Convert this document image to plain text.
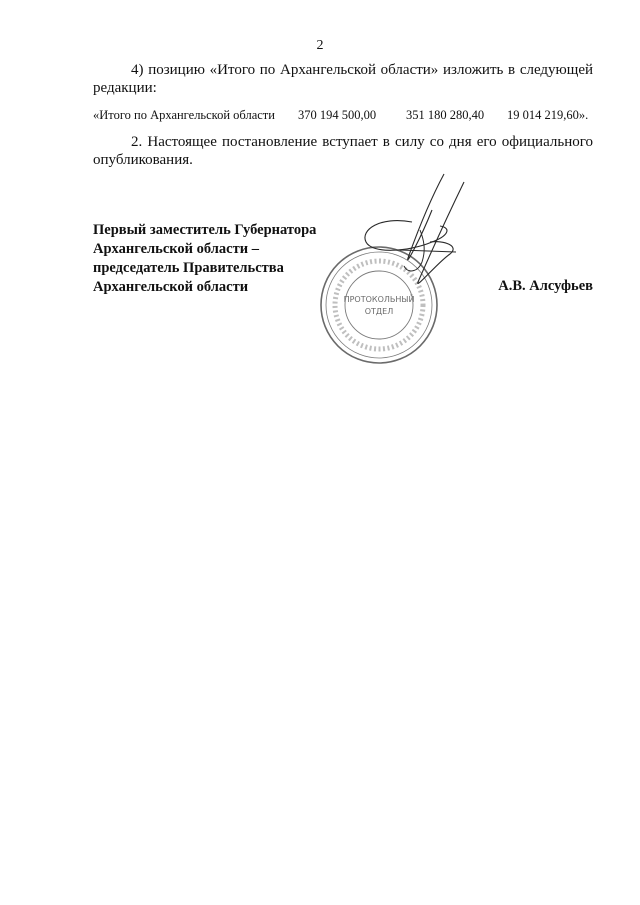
2
4) позицию «Итого по Архангельской области» изложить в следующей редакции:
«Итого по Архангельской области 370 194 500,00 351 180 280,40 19 014 219,60».
2. Настоящее постановление вступает в силу со дня его официального опубликования.
Первый заместитель Губернатора
Архангельской области –
председатель Правительства
Архангельской области	А.В. Алсуфьев
ПРОТОКОЛЬНЫЙ
ОТДЕЛ
